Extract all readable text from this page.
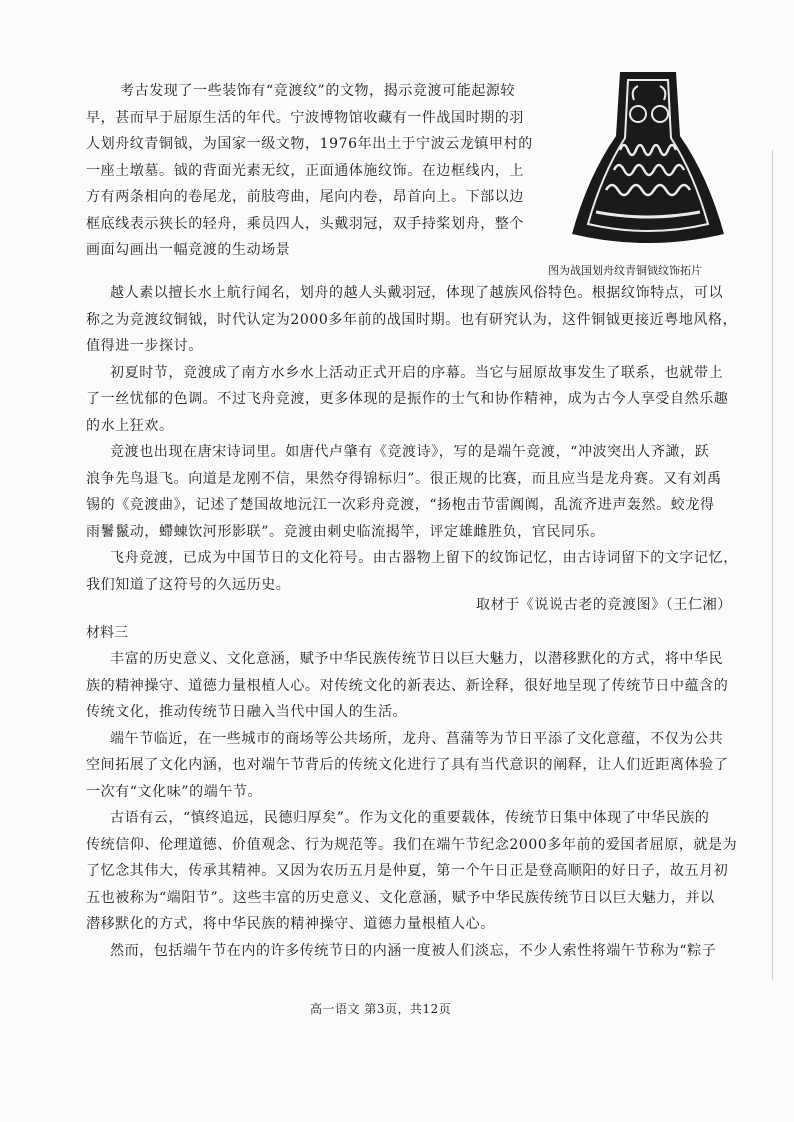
考古发现了一些装饰有“竞渡纹”的文物，揭示竞渡可能起源较
早，甚而早于屈原生活的年代。宁波博物馆收藏有一件战国时期的羽
人划舟纹青铜钺，为国家一级文物，1976年出土于宁波云龙镇甲村的
一座土墩墓。钺的背面光素无纹，正面通体施纹饰。在边框线内，上
方有两条相向的卷尾龙，前肢弯曲，尾向内卷，昂首向上。下部以边
框底线表示狭长的轻舟，乘员四人，头戴羽冠，双手持桨划舟，整个
画面勾画出一幅竞渡的生动场景
图为战国划舟纹青铜钺纹饰拓片
越人素以擅长水上航行闻名，划舟的越人头戴羽冠，体现了越族风俗特色。根据纹饰特点，可以
称之为竞渡纹铜钺，时代认定为2000多年前的战国时期。也有研究认为，这件铜钺更接近粤地风格，
值得进一步探讨。
初夏时节，竞渡成了南方水乡水上活动正式开启的序幕。当它与屈原故事发生了联系，也就带上
了一丝忧郁的色调。不过飞舟竞渡，更多体现的是振作的士气和协作精神，成为古今人享受自然乐趣
的水上狂欢。
竞渡也出现在唐宋诗词里。如唐代卢肇有《竞渡诗》，写的是端午竞渡，“冲波突出人齐譀，跃
浪争先鸟退飞。向道是龙刚不信，果然夺得锦标归”。很正规的比赛，而且应当是龙舟赛。又有刘禹
锡的《竞渡曲》，记述了楚国故地沅江一次彩舟竞渡，“扬枹击节雷阗阗，乱流齐进声轰然。蛟龙得
雨鬐鬣动，螮蝀饮河形影联”。竞渡由刺史临流揭竿，评定雄雌胜负，官民同乐。
飞舟竞渡，已成为中国节日的文化符号。由古器物上留下的纹饰记忆，由古诗词留下的文字记忆，
我们知道了这符号的久远历史。
取材于《说说古老的竞渡图》（王仁湘）
材料三
丰富的历史意义、文化意涵，赋予中华民族传统节日以巨大魅力，以潜移默化的方式，将中华民
族的精神操守、道德力量根植人心。对传统文化的新表达、新诠释，很好地呈现了传统节日中蕴含的
传统文化，推动传统节日融入当代中国人的生活。
端午节临近，在一些城市的商场等公共场所，龙舟、菖蒲等为节日平添了文化意蕴，不仅为公共
空间拓展了文化内涵，也对端午节背后的传统文化进行了具有当代意识的阐释，让人们近距离体验了
一次有“文化味”的端午节。
古语有云，“慎终追远，民德归厚矣”。作为文化的重要载体，传统节日集中体现了中华民族的
传统信仰、伦理道德、价值观念、行为规范等。我们在端午节纪念2000多年前的爱国者屈原，就是为
了忆念其伟大，传承其精神。又因为农历五月是仲夏，第一个午日正是登高顺阳的好日子，故五月初
五也被称为“端阳节”。这些丰富的历史意义、文化意涵，赋予中华民族传统节日以巨大魅力，并以
潜移默化的方式，将中华民族的精神操守、道德力量根植人心。
然而，包括端午节在内的许多传统节日的内涵一度被人们淡忘，不少人索性将端午节称为“粽子
高一语文 第3页，共12页
